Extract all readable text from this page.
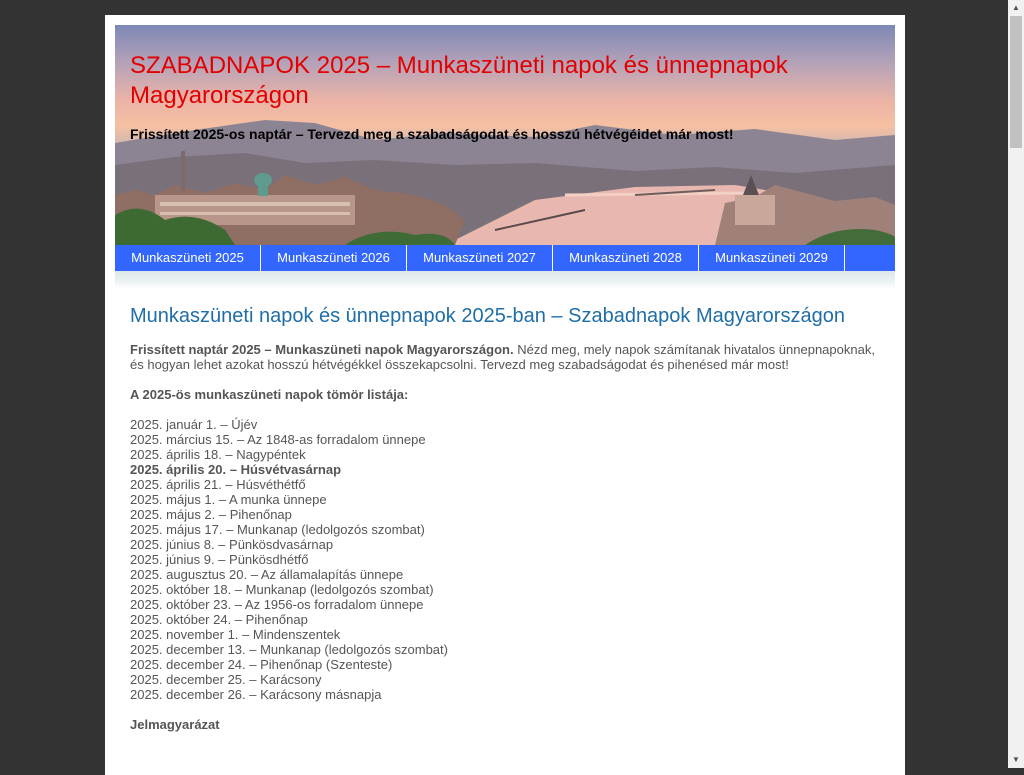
SZABADNAPOK 2025 – Munkaszüneti napok és ünnepnapok Magyarországon

Frissített 2025-os naptár – Tervezd meg a szabadságodat és hosszú hétvégéidet már most!

Munkaszüneti 2025	Munkaszüneti 2026	Munkaszüneti 2027	Munkaszüneti 2028	Munkaszüneti 2029
Munkaszüneti napok és ünnepnapok 2025-ban – Szabadnapok Magyarországon

Frissített naptár 2025 – Munkaszüneti napok Magyarországon. Nézd meg, mely napok számítanak hivatalos ünnepnapoknak, és hogyan lehet azokat hosszú hétvégékkel összekapcsolni. Tervezd meg szabadságodat és pihenésed már most!

A 2025-ös munkaszüneti napok tömör listája:

2025. január 1. – Újév
2025. március 15. – Az 1848-as forradalom ünnepe
2025. április 18. – Nagypéntek
2025. április 20. – Húsvétvasárnap
2025. április 21. – Húsvéthétfő
2025. május 1. – A munka ünnepe
2025. május 2. – Pihenőnap
2025. május 17. – Munkanap (ledolgozós szombat)
2025. június 8. – Pünkösdvasárnap
2025. június 9. – Pünkösdhétfő
2025. augusztus 20. – Az államalapítás ünnepe
2025. október 18. – Munkanap (ledolgozós szombat)
2025. október 23. – Az 1956-os forradalom ünnepe
2025. október 24. – Pihenőnap
2025. november 1. – Mindenszentek
2025. december 13. – Munkanap (ledolgozós szombat)
2025. december 24. – Pihenőnap (Szenteste)
2025. december 25. – Karácsony
2025. december 26. – Karácsony másnapja

Jelmagyarázat

▲
▼
